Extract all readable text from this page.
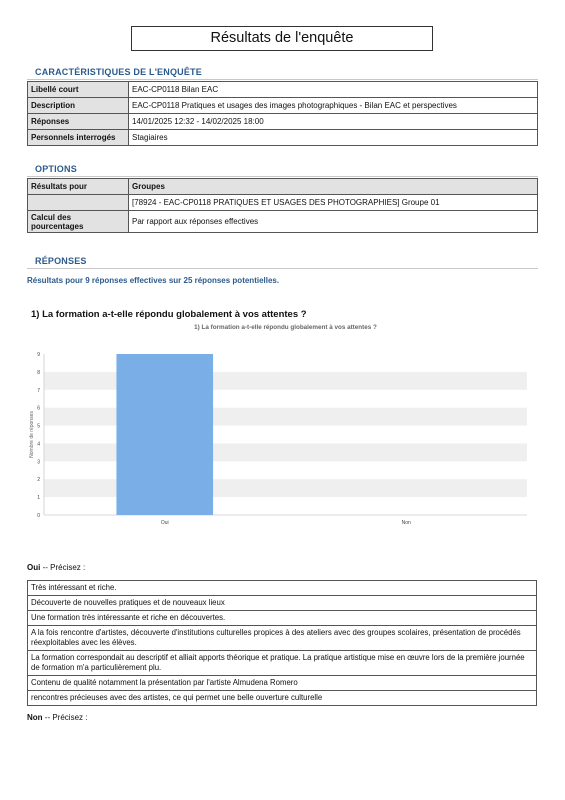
Résultats de l'enquête
CARACTÉRISTIQUES DE L'ENQUÊTE
Libellé court	EAC-CP0118 Bilan EAC
Description	EAC-CP0118 Pratiques et usages des images photographiques - Bilan EAC et perspectives
Réponses	14/01/2025 12:32 - 14/02/2025 18:00
Personnels interrogés	Stagiaires
OPTIONS
Résultats pour	Groupes
	[78924 - EAC-CP0118 PRATIQUES ET USAGES DES PHOTOGRAPHIES] Groupe 01
Calcul des pourcentages	Par rapport aux réponses effectives
RÉPONSES
Résultats pour 9 réponses effectives sur 25 réponses potentielles.
1) La formation a-t-elle répondu globalement à vos attentes ?
1) La formation a-t-elle répondu globalement à vos attentes ?
0
1
2
3
4
5
6
7
8
9
Nombre de réponses
Oui	Non
Oui -- Précisez :
Très intéressant et riche.
Découverte de nouvelles pratiques et de nouveaux lieux
Une formation très intéressante et riche en découvertes.
A la fois rencontre d'artistes, découverte d'institutions culturelles propices à des ateliers avec des groupes scolaires, présentation de procédés réexploitables avec les élèves.
La formation correspondait au descriptif et alliait apports théorique et pratique. La pratique artistique mise en œuvre lors de la première journée de formation m'a particulièrement plu.
Contenu de qualité notamment la présentation par l'artiste Almudena Romero
rencontres précieuses avec des artistes, ce qui permet une belle ouverture culturelle
Non -- Précisez :
